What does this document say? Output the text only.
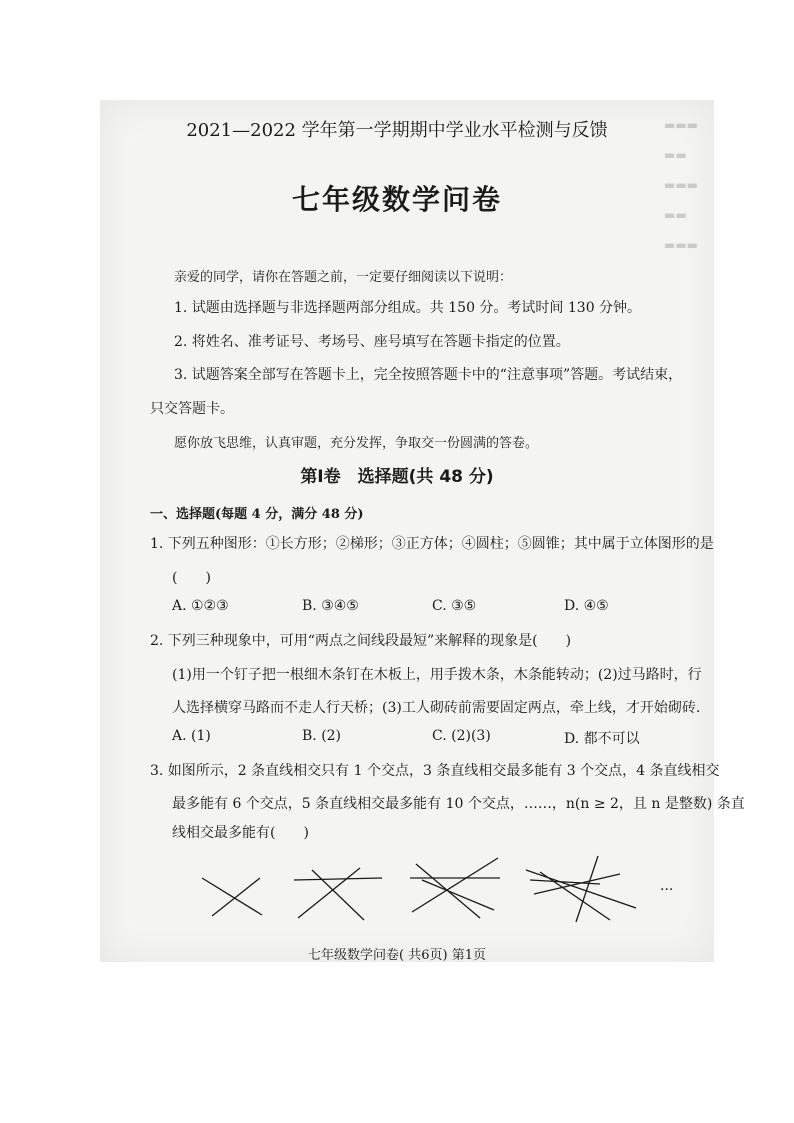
▬▬▬
▬▬
▬▬▬
▬▬
▬▬▬
2021—2022 学年第一学期期中学业水平检测与反馈
七年级数学问卷
亲爱的同学，请你在答题之前，一定要仔细阅读以下说明：
1. 试题由选择题与非选择题两部分组成。共 150 分。考试时间 130 分钟。
2. 将姓名、准考证号、考场号、座号填写在答题卡指定的位置。
3. 试题答案全部写在答题卡上，完全按照答题卡中的“注意事项”答题。考试结束，
只交答题卡。
愿你放飞思维，认真审题，充分发挥，争取交一份圆满的答卷。
第Ⅰ卷　选择题(共 48 分)
一、选择题(每题 4 分，满分 48 分)
1. 下列五种图形：①长方形；②梯形；③正方体；④圆柱；⑤圆锥；其中属于立体图形的是
(　　)
A. ①②③	B. ③④⑤	C. ③⑤	D. ④⑤
2. 下列三种现象中，可用“两点之间线段最短”来解释的现象是(　　)
(1)用一个钉子把一根细木条钉在木板上，用手拨木条，木条能转动；(2)过马路时，行
人选择横穿马路而不走人行天桥；(3)工人砌砖前需要固定两点，牵上线，才开始砌砖.
A. (1)	B. (2)	C. (2)(3)	D. 都不可以
3. 如图所示，2 条直线相交只有 1 个交点，3 条直线相交最多能有 3 个交点，4 条直线相交
最多能有 6 个交点，5 条直线相交最多能有 10 个交点，……，n(n ≥ 2，且 n 是整数) 条直
线相交最多能有(　　)
···
七年级数学问卷( 共6页) 第1页
